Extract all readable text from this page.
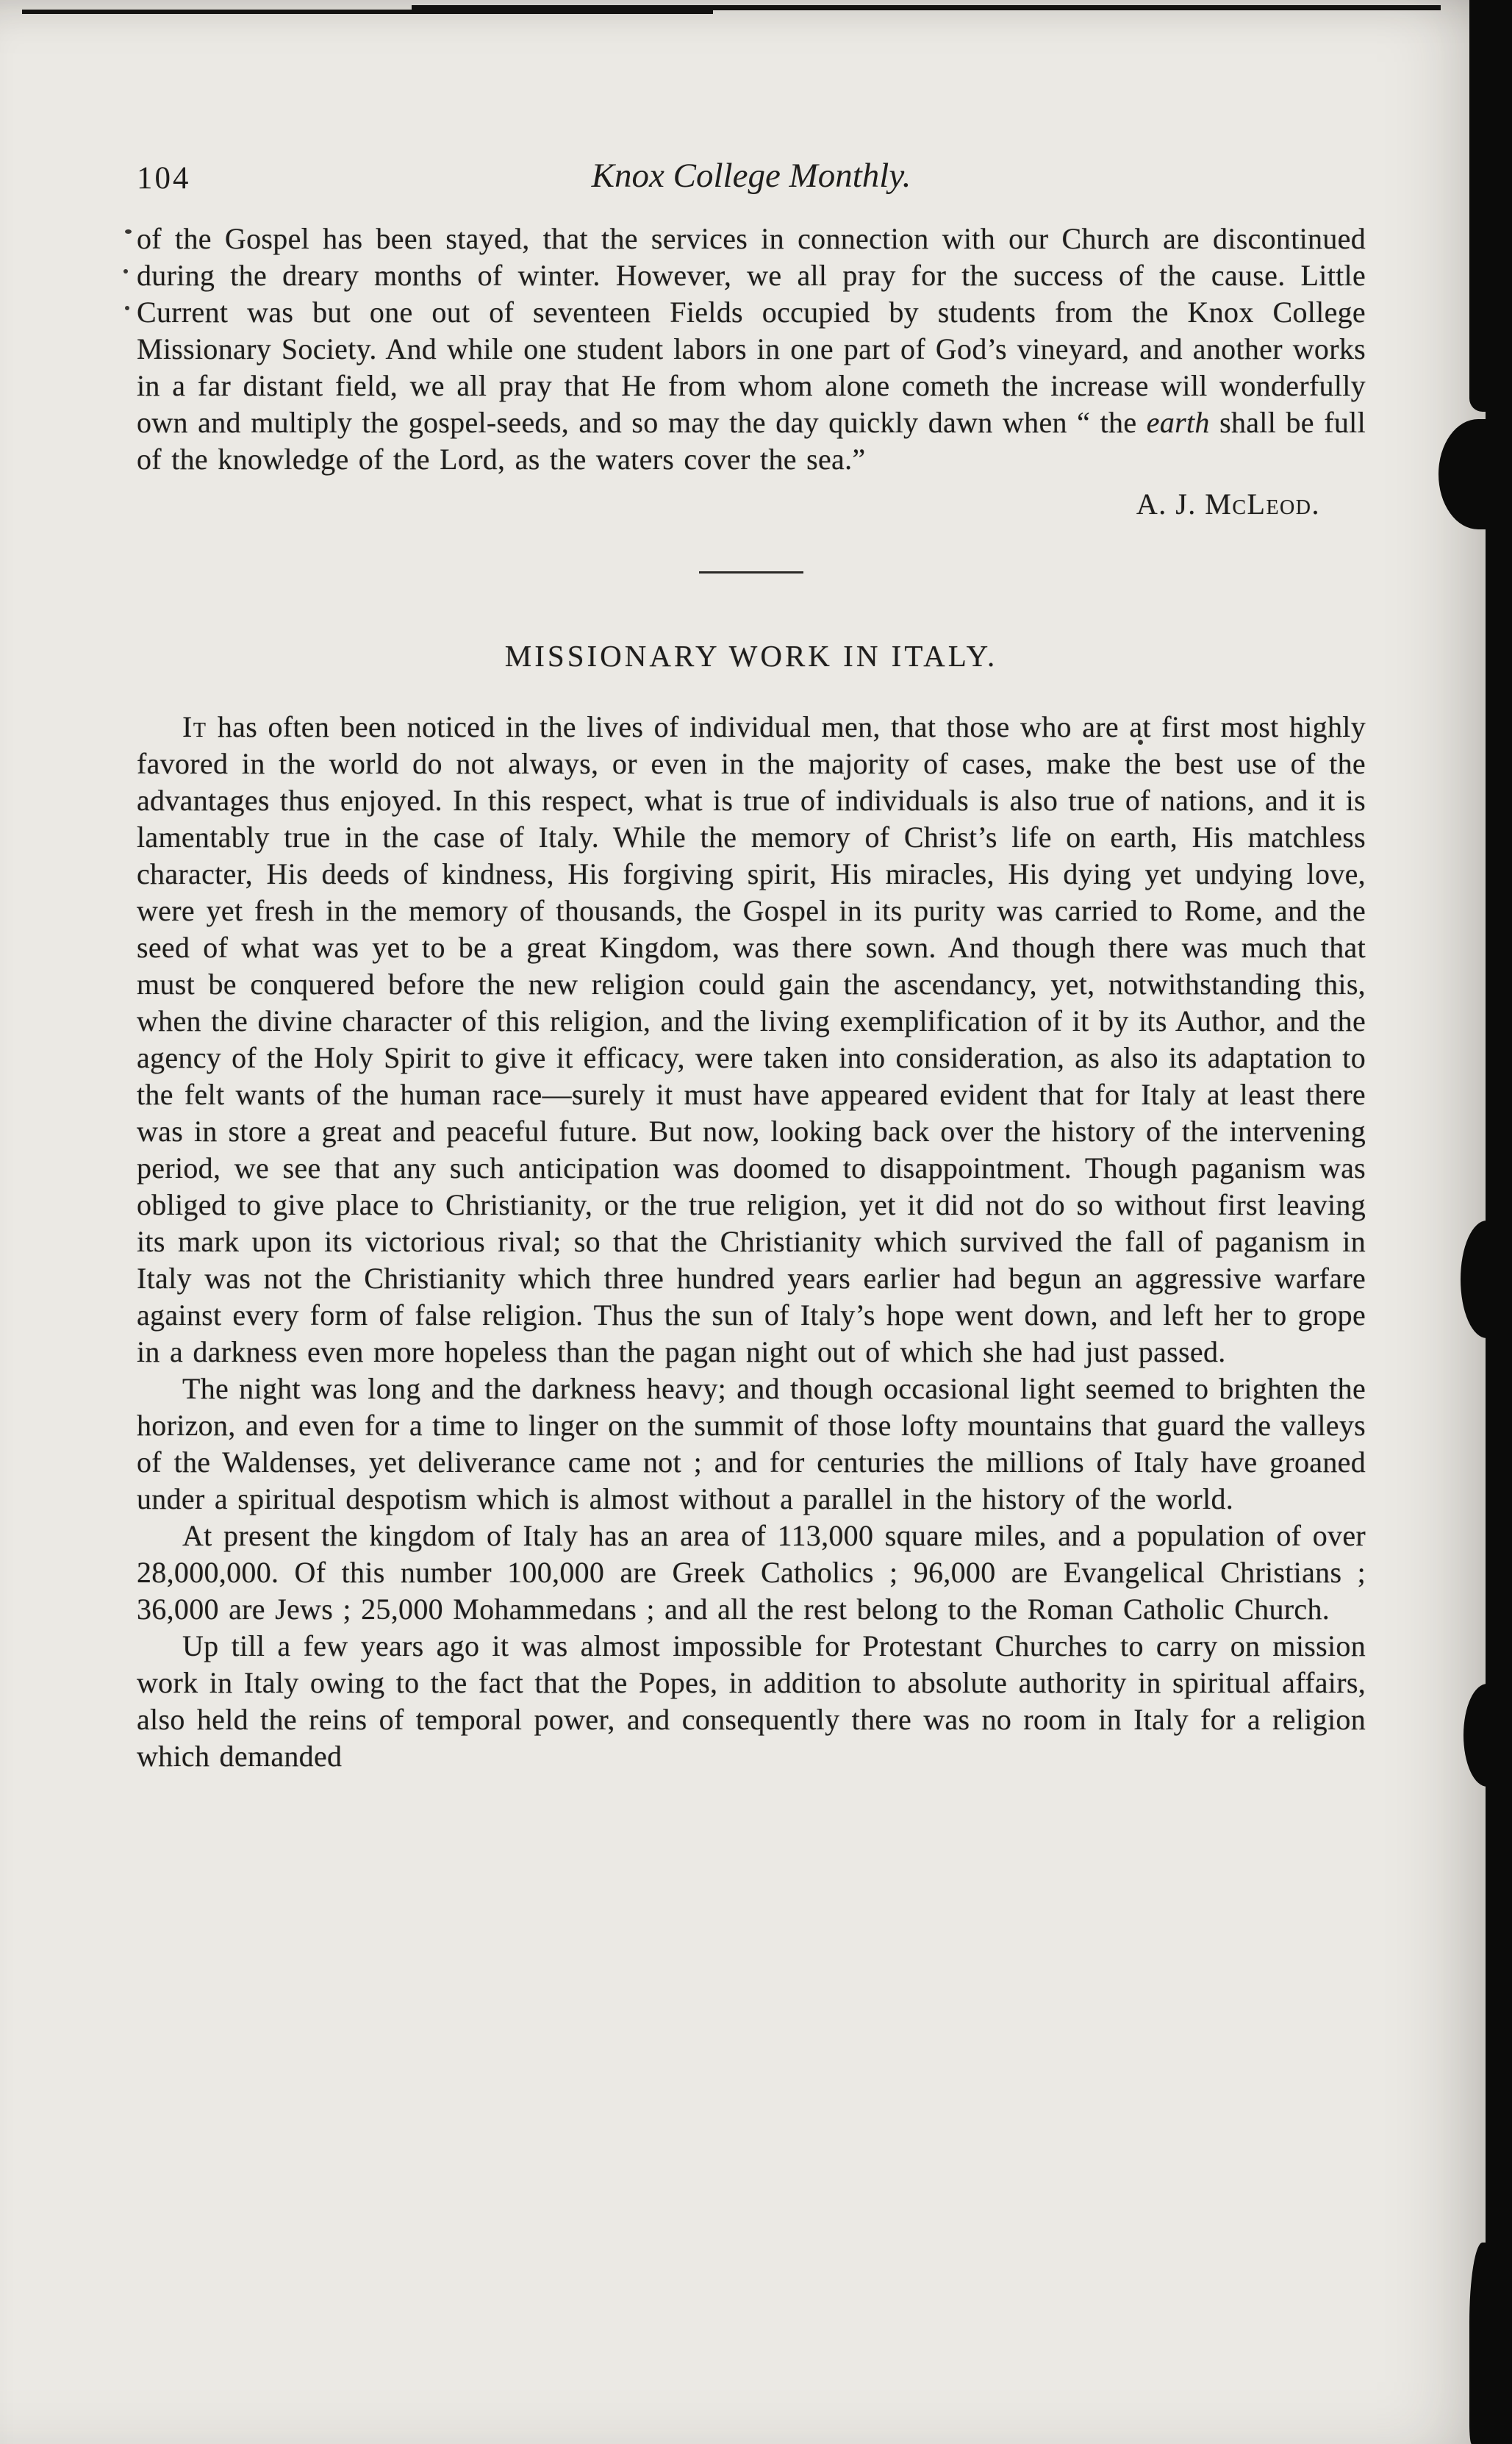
104	Knox College Monthly.

of the Gospel has been stayed, that the services in connection with our Church are discontinued during the dreary months of winter. However, we all pray for the success of the cause. Little Current was but one out of seventeen Fields occupied by students from the Knox College Missionary Society. And while one student labors in one part of God’s vineyard, and another works in a far distant field, we all pray that He from whom alone cometh the increase will wonderfully own and multiply the gospel-seeds, and so may the day quickly dawn when “ the earth shall be full of the knowledge of the Lord, as the waters cover the sea.”

A. J. McLeod.

MISSIONARY WORK IN ITALY.

It has often been noticed in the lives of individual men, that those who are at first most highly favored in the world do not always, or even in the majority of cases, make the best use of the advantages thus enjoyed. In this respect, what is true of individuals is also true of nations, and it is lamentably true in the case of Italy. While the memory of Christ’s life on earth, His matchless character, His deeds of kindness, His forgiving spirit, His miracles, His dying yet undying love, were yet fresh in the memory of thousands, the Gospel in its purity was carried to Rome, and the seed of what was yet to be a great Kingdom, was there sown. And though there was much that must be conquered before the new religion could gain the ascendancy, yet, notwithstanding this, when the divine character of this religion, and the living exemplification of it by its Author, and the agency of the Holy Spirit to give it efficacy, were taken into consideration, as also its adaptation to the felt wants of the human race—surely it must have appeared evident that for Italy at least there was in store a great and peaceful future. But now, looking back over the history of the intervening period, we see that any such anticipation was doomed to disappointment. Though paganism was obliged to give place to Christianity, or the true religion, yet it did not do so without first leaving its mark upon its victorious rival; so that the Christianity which survived the fall of paganism in Italy was not the Christianity which three hundred years earlier had begun an aggressive warfare against every form of false religion. Thus the sun of Italy’s hope went down, and left her to grope in a darkness even more hopeless than the pagan night out of which she had just passed.

The night was long and the darkness heavy; and though occasional light seemed to brighten the horizon, and even for a time to linger on the summit of those lofty mountains that guard the valleys of the Waldenses, yet deliverance came not ; and for centuries the millions of Italy have groaned under a spiritual despotism which is almost without a parallel in the history of the world.

At present the kingdom of Italy has an area of 113,000 square miles, and a population of over 28,000,000. Of this number 100,000 are Greek Catholics ; 96,000 are Evangelical Christians ; 36,000 are Jews ; 25,000 Mohammedans ; and all the rest belong to the Roman Catholic Church.

Up till a few years ago it was almost impossible for Protestant Churches to carry on mission work in Italy owing to the fact that the Popes, in addition to absolute authority in spiritual affairs, also held the reins of temporal power, and consequently there was no room in Italy for a religion which demanded
